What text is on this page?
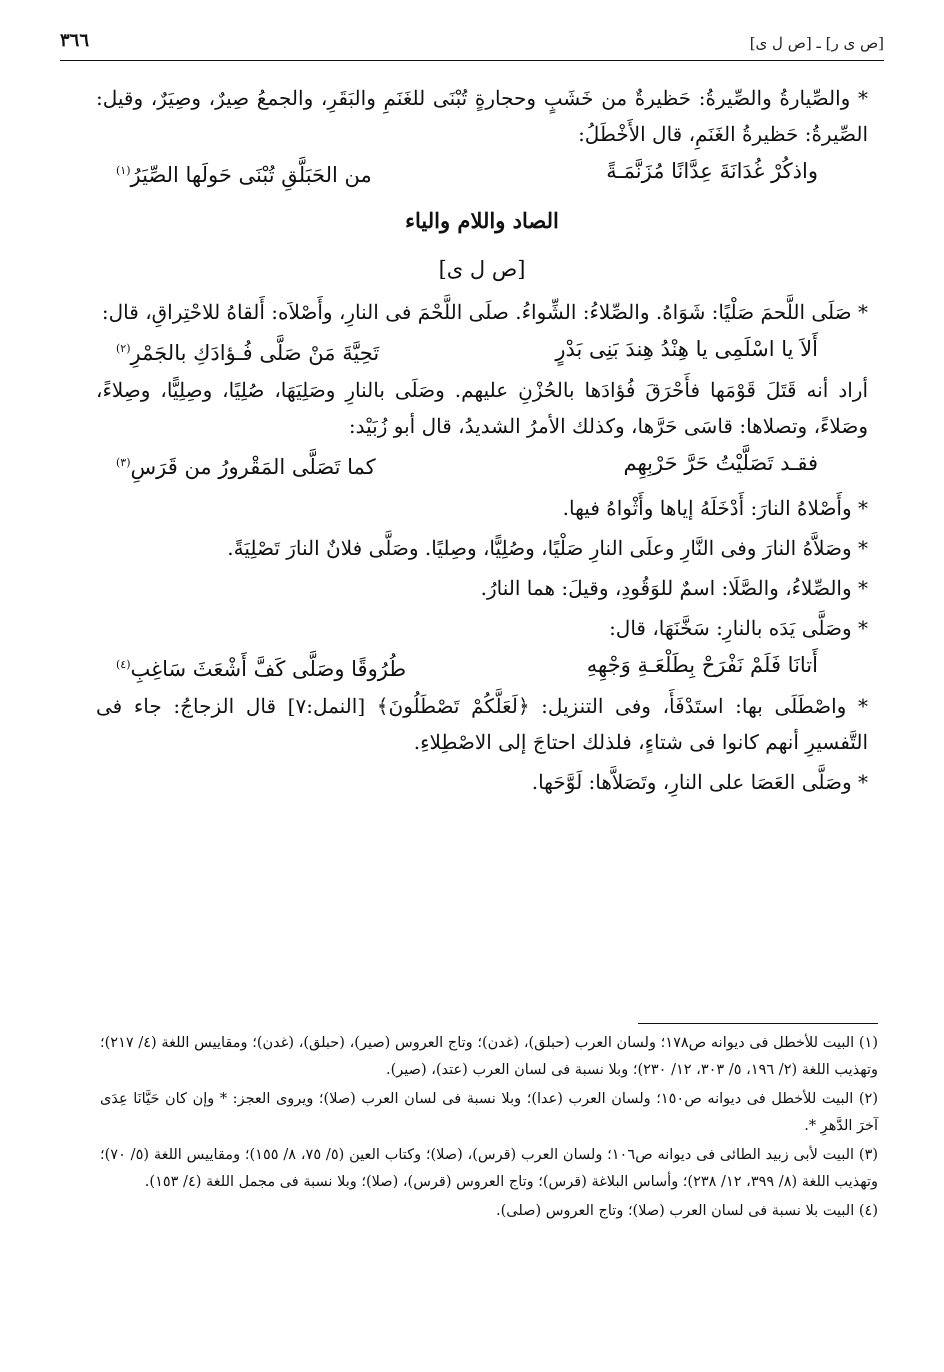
[ص ى ر] ـ [ص ل ى]
٣٦٦

* والصِّيارةُ والصِّيرةُ: حَظيرةٌ من خَشَبٍ وحجارةٍ تُبْنَى للغَنَمِ والبَقَرِ، والجمعُ صِيرٌ، وصِيَرٌ، وقيل: الصِّيرةُ: حَظيرةُ الغَنَمِ، قال الأَخْطَلُ:

واذكُرْ غُدَانَةَ عِدَّانًا مُزَنَّمَـةً
من الحَبَلَّقِ تُبْنَى حَولَها الصِّيَرُ$^{(١)}$
الصاد واللام والياء
[ص ل ى]

* صَلَى اللَّحمَ صَلْيًا: شَوَاهُ. والصِّلاءُ: الشِّواءُ. صلَى اللَّحْمَ فى النارِ، وأَصْلاَه: أَلقاهُ للاحْتِراقِ، قال:

أَلاَ يا اسْلَمِى يا هِنْدُ هِندَ بَنِى بَدْرٍ
تَحِيَّةَ مَنْ صَلَّى فُـؤادَكِ بالجَمْرِ$^{(٢)}$

أراد أنه قَتَلَ قَوْمَها فأَحْرَقَ فُؤادَها بالحُزْنِ عليهم. وصَلَى بالنارِ وصَلِيَهَا، صُلِيًا، وصِلِيًّا، وصِلاءً، وصَلاءً، وتصلاها: قاسَى حَرَّها، وكذلك الأمرُ الشديدُ، قال أبو زُبَيْد:

فقـد تَصَلَّيْتُ حَرَّ حَرْبِهِم
كما تَصَلَّى المَقْرورُ من قَرَسِ$^{(٣)}$

* وأَصْلاهُ النارَ: أَدْخَلَهُ إياها وأَثْواهُ فيها.

* وصَلاَّهُ النارَ وفى النَّارِ وعلَى النارِ صَلْيًا، وصُلِيًّا، وصِليًا. وصَلَّى فلانٌ النارَ تَصْلِيَةً.

* والصِّلاءُ، والصَّلَا: اسمٌ للوَقُودِ، وقيلَ: هما النارُ.

* وصَلَّى يَدَه بالنارِ: سَخَّنَهَا، قال:

أَتانَا فَلَمْ نَفْرَحْ بِطَلْعَـةِ وَجْهِهِ
طُرُوقًا وصَلَّى كَفَّ أَشْعَثَ سَاغِبِ$^{(٤)}$

* واصْطَلَى بها: استَدْفَأَ، وفى التنزيل: ﴿لَعَلَّكُمْ تَصْطَلُونَ﴾ [النمل:٧] قال الزجاجُ: جاء فى التَّفسيرِ أنهم كانوا فى شتاءٍ، فلذلك احتاجَ إلى الاصْطِلاءِ.

* وصَلَّى العَصَا على النارِ، وتَصَلاَّها: لَوَّحَها.

(١) البيت للأخطل فى ديوانه ص١٧٨؛ ولسان العرب (حبلق)، (غدن)؛ وتاج العروس (صير)، (حبلق)، (غدن)؛ ومقاييس اللغة (٤/ ٢١٧)؛ وتهذيب اللغة (٢/ ١٩٦، ٥/ ٣٠٣، ١٢/ ٢٣٠)؛ وبلا نسبة فى لسان العرب (عتد)، (صير).

(٢) البيت للأخطل فى ديوانه ص١٥٠؛ ولسان العرب (عدا)؛ وبلا نسبة فى لسان العرب (صلا)؛ ويروى العجز: * وإن كان حَيَّانَا عِدَى آخرَ الدَّهرِ *.

(٣) البيت لأبى زبيد الطائى فى ديوانه ص١٠٦؛ ولسان العرب (قرس)، (صلا)؛ وكتاب العين (٥/ ٧٥، ٨/ ١٥٥)؛ ومقاييس اللغة (٥/ ٧٠)؛ وتهذيب اللغة (٨/ ٣٩٩، ١٢/ ٢٣٨)؛ وأساس البلاغة (قرس)؛ وتاج العروس (قرس)، (صلا)؛ وبلا نسبة فى مجمل اللغة (٤/ ١٥٣).

(٤) البيت بلا نسبة فى لسان العرب (صلا)؛ وتاج العروس (صلى).
